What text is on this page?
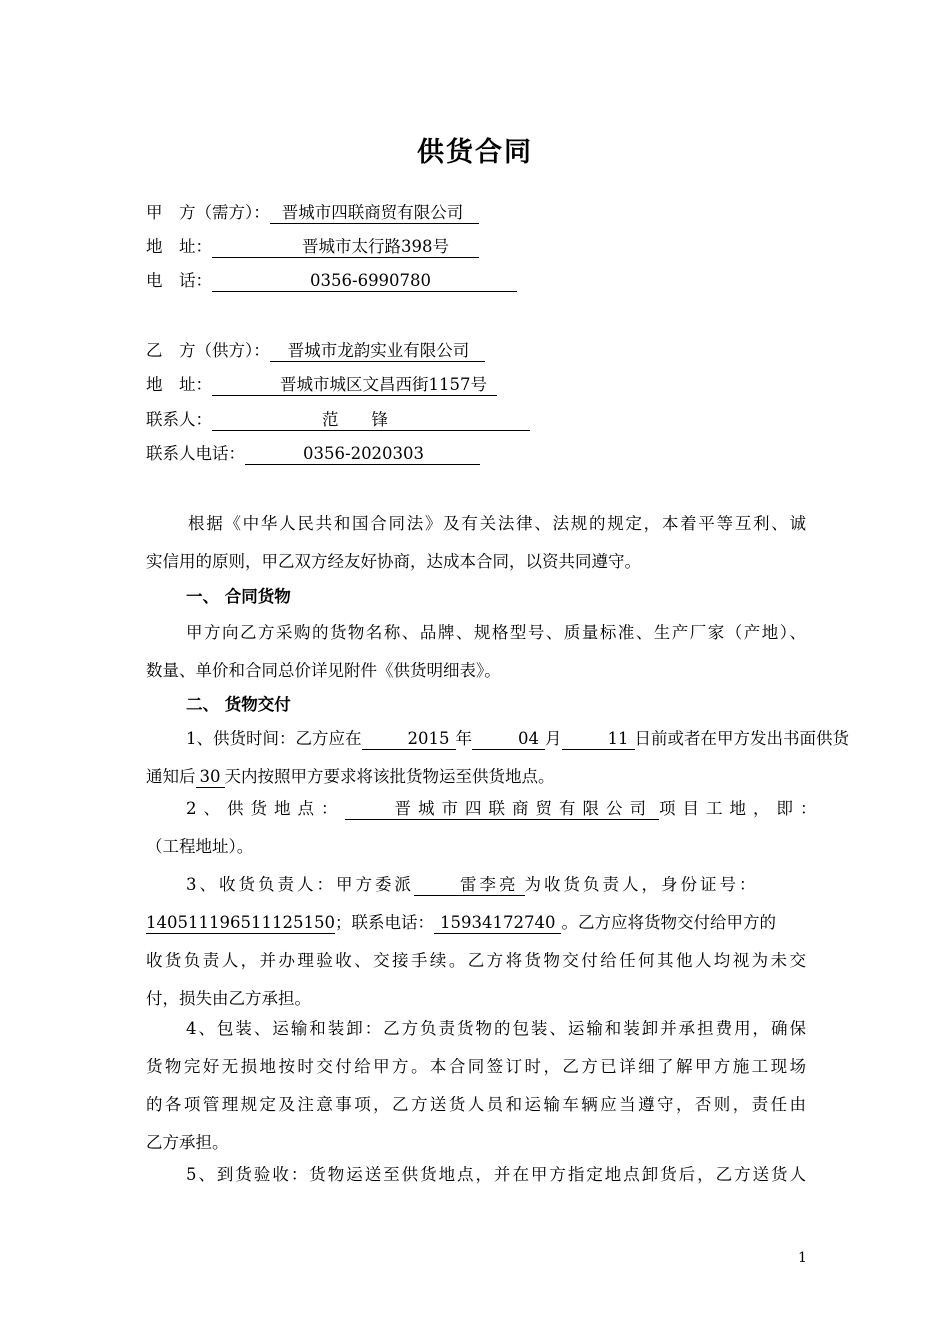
供货合同
甲　方（需方）： 晋城市四联商贸有限公司
地　址：	晋城市太行路398号
电　话：	0356-6990780
乙　方（供方）： 晋城市龙韵实业有限公司
地　址：	晋城市城区文昌西街1157号
联系人：	范　　锋
联系人电话：	0356-2020303
根据《中华人民共和国合同法》及有关法律、法规的规定，本着平等互利、诚
实信用的原则，甲乙双方经友好协商，达成本合同，以资共同遵守。
一、 合同货物
甲方向乙方采购的货物名称、品牌、规格型号、质量标准、生产厂家（产地）、
数量、单价和合同总价详见附件《供货明细表》。
二、 货物交付
1、供货时间：乙方应在	2015 年	04 月	11 日前或者在甲方发出书面供货
通知后 30 天内按照甲方要求将该批货物运至供货地点。
2、供货地点：	晋城市四联商贸有限公司 项目工地，即：
（工程地址）。
3、收货负责人：甲方委派	雷李亮 为收货负责人，身份证号：
140511196511125150；联系电话： 15934172740 。乙方应将货物交付给甲方的
收货负责人，并办理验收、交接手续。乙方将货物交付给任何其他人均视为未交
付，损失由乙方承担。
4、包装、运输和装卸：乙方负责货物的包装、运输和装卸并承担费用，确保
货物完好无损地按时交付给甲方。本合同签订时，乙方已详细了解甲方施工现场
的各项管理规定及注意事项，乙方送货人员和运输车辆应当遵守，否则，责任由
乙方承担。
5、到货验收：货物运送至供货地点，并在甲方指定地点卸货后，乙方送货人
1
